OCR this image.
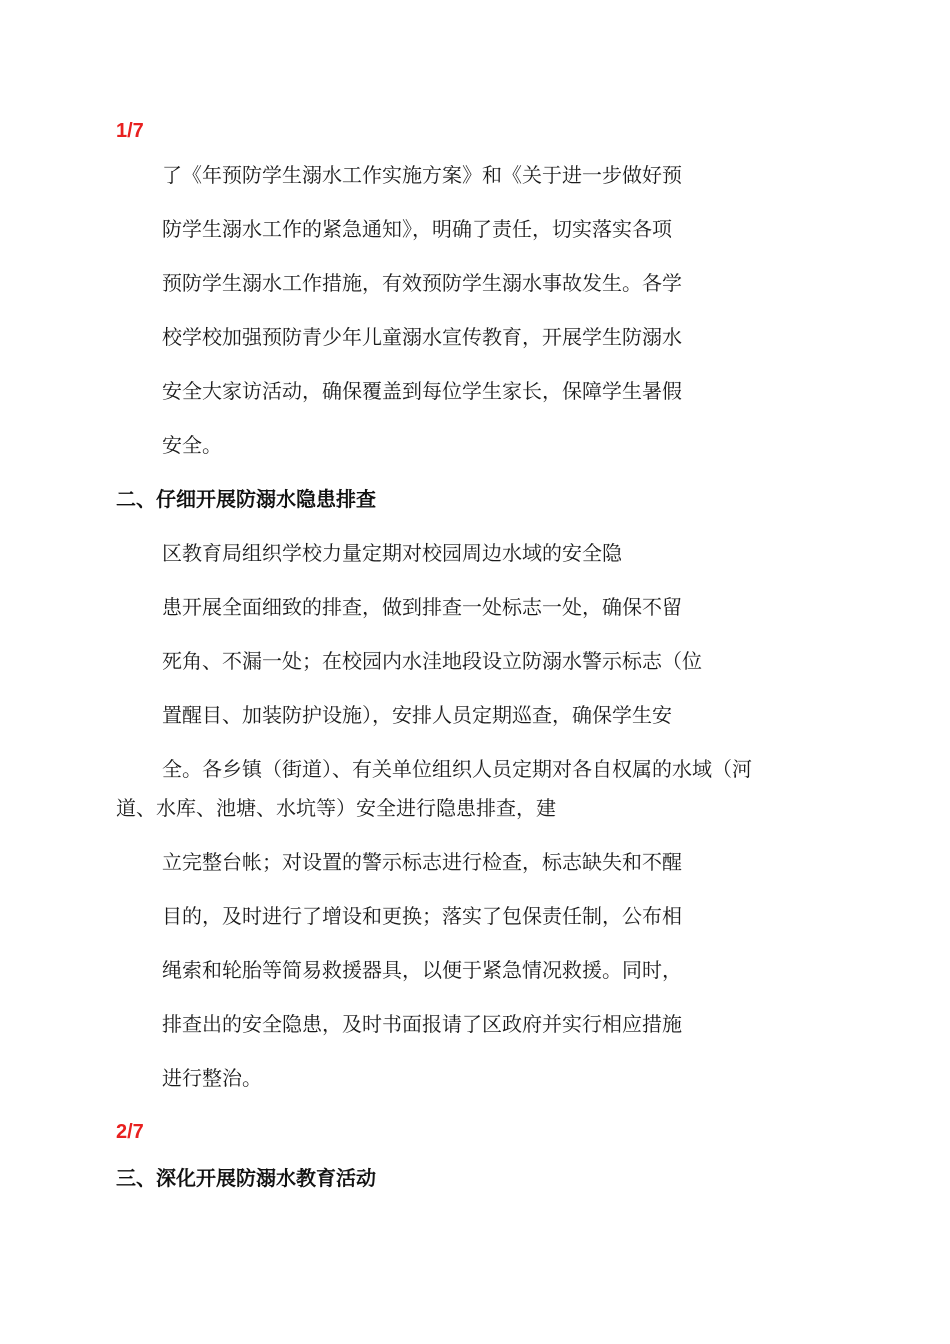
1/7
了《年预防学生溺水工作实施方案》和《关于进一步做好预
防学生溺水工作的紧急通知》，明确了责任，切实落实各项
预防学生溺水工作措施，有效预防学生溺水事故发生。各学
校学校加强预防青少年儿童溺水宣传教育，开展学生防溺水
安全大家访活动，确保覆盖到每位学生家长，保障学生暑假
安全。
二、仔细开展防溺水隐患排查
区教育局组织学校力量定期对校园周边水域的安全隐
患开展全面细致的排查，做到排查一处标志一处，确保不留
死角、不漏一处；在校园内水洼地段设立防溺水警示标志（位
置醒目、加装防护设施），安排人员定期巡查，确保学生安
全。各乡镇（街道）、有关单位组织人员定期对各自权属的水域（河
道、水库、池塘、水坑等）安全进行隐患排查，建
立完整台帐；对设置的警示标志进行检查，标志缺失和不醒
目的，及时进行了增设和更换；落实了包保责任制，公布相
绳索和轮胎等简易救援器具，以便于紧急情况救援。同时，
排查出的安全隐患，及时书面报请了区政府并实行相应措施
进行整治。
2/7
三、深化开展防溺水教育活动
